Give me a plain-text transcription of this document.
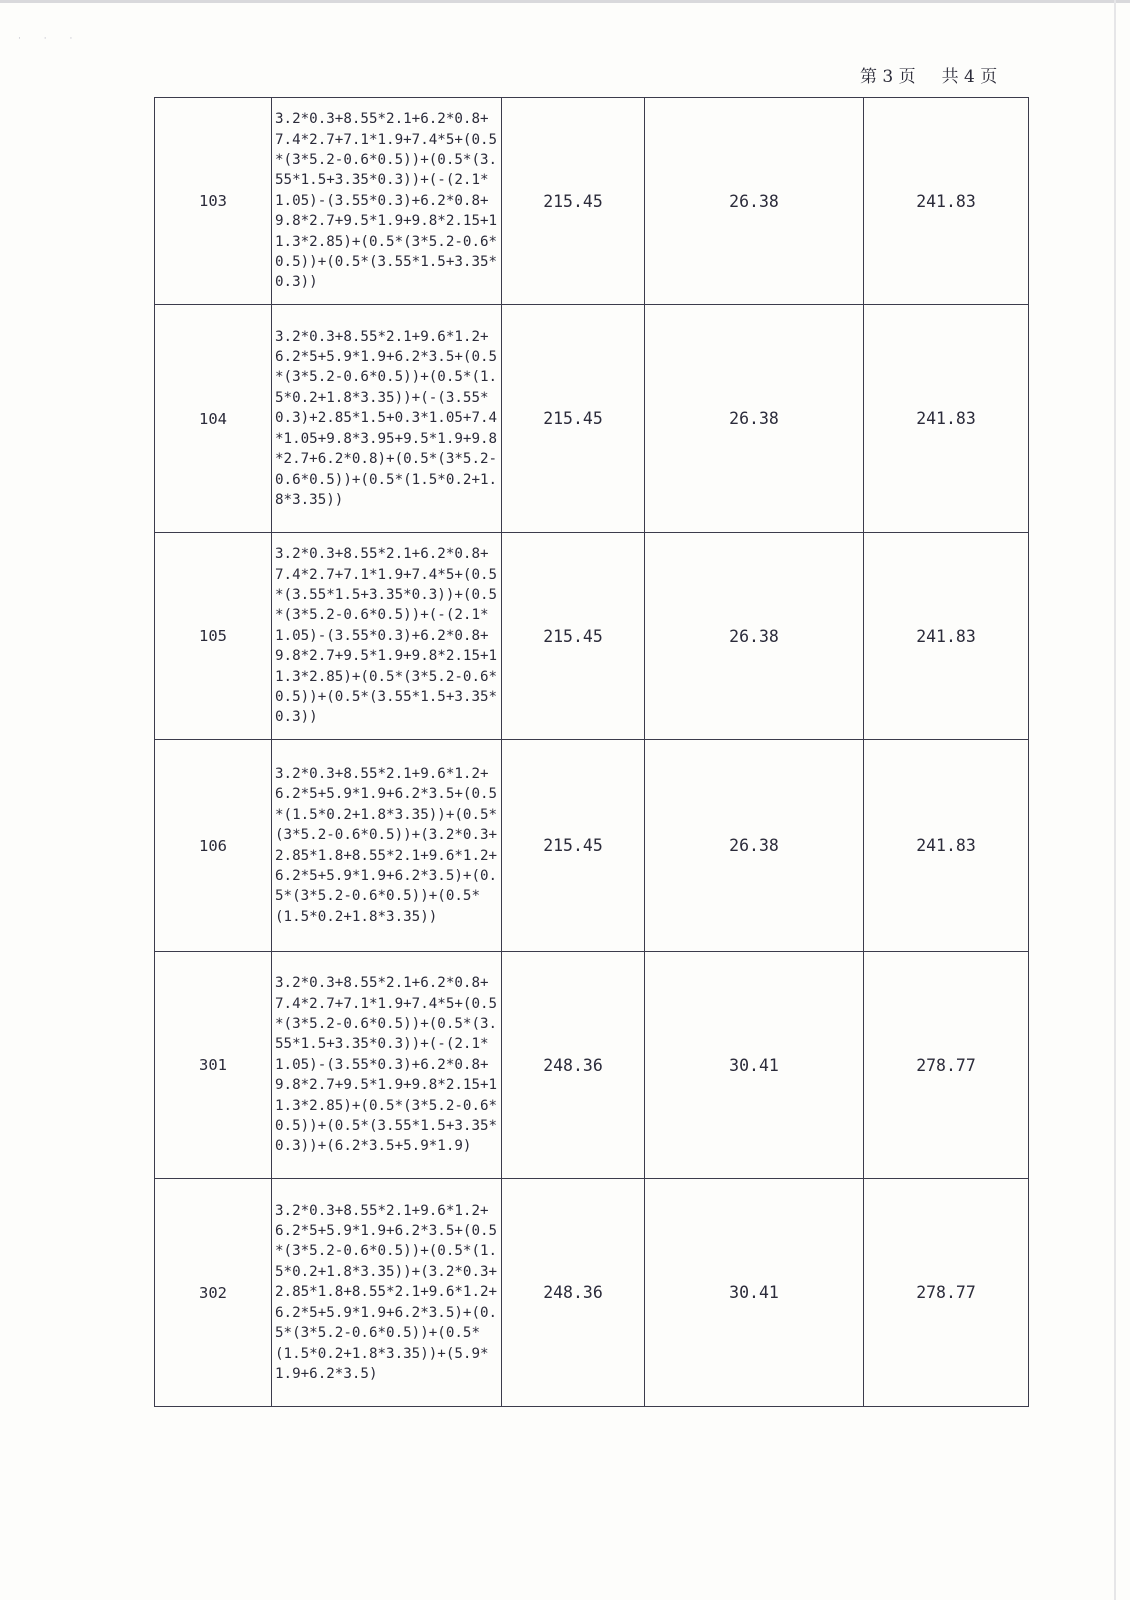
· · ·
第 3 页 共 4 页
103	3.2*0.3+8.55*2.1+6.2*0.8+7.4*2.7+7.1*1.9+7.4*5+(0.5*(3*5.2-0.6*0.5))+(0.5*(3.55*1.5+3.35*0.3))+(-(2.1*1.05)-(3.55*0.3)+6.2*0.8+9.8*2.7+9.5*1.9+9.8*2.15+11.3*2.85)+(0.5*(3*5.2-0.6*0.5))+(0.5*(3.55*1.5+3.35*0.3))	215.45	26.38	241.83
104	3.2*0.3+8.55*2.1+9.6*1.2+6.2*5+5.9*1.9+6.2*3.5+(0.5*(3*5.2-0.6*0.5))+(0.5*(1.5*0.2+1.8*3.35))+(-(3.55*0.3)+2.85*1.5+0.3*1.05+7.4*1.05+9.8*3.95+9.5*1.9+9.8*2.7+6.2*0.8)+(0.5*(3*5.2-0.6*0.5))+(0.5*(1.5*0.2+1.8*3.35))	215.45	26.38	241.83
105	3.2*0.3+8.55*2.1+6.2*0.8+7.4*2.7+7.1*1.9+7.4*5+(0.5*(3.55*1.5+3.35*0.3))+(0.5*(3*5.2-0.6*0.5))+(-(2.1*1.05)-(3.55*0.3)+6.2*0.8+9.8*2.7+9.5*1.9+9.8*2.15+11.3*2.85)+(0.5*(3*5.2-0.6*0.5))+(0.5*(3.55*1.5+3.35*0.3))	215.45	26.38	241.83
106	3.2*0.3+8.55*2.1+9.6*1.2+6.2*5+5.9*1.9+6.2*3.5+(0.5*(1.5*0.2+1.8*3.35))+(0.5*(3*5.2-0.6*0.5))+(3.2*0.3+2.85*1.8+8.55*2.1+9.6*1.2+6.2*5+5.9*1.9+6.2*3.5)+(0.5*(3*5.2-0.6*0.5))+(0.5*(1.5*0.2+1.8*3.35))	215.45	26.38	241.83
301	3.2*0.3+8.55*2.1+6.2*0.8+7.4*2.7+7.1*1.9+7.4*5+(0.5*(3*5.2-0.6*0.5))+(0.5*(3.55*1.5+3.35*0.3))+(-(2.1*1.05)-(3.55*0.3)+6.2*0.8+9.8*2.7+9.5*1.9+9.8*2.15+11.3*2.85)+(0.5*(3*5.2-0.6*0.5))+(0.5*(3.55*1.5+3.35*0.3))+(6.2*3.5+5.9*1.9)	248.36	30.41	278.77
302	3.2*0.3+8.55*2.1+9.6*1.2+6.2*5+5.9*1.9+6.2*3.5+(0.5*(3*5.2-0.6*0.5))+(0.5*(1.5*0.2+1.8*3.35))+(3.2*0.3+2.85*1.8+8.55*2.1+9.6*1.2+6.2*5+5.9*1.9+6.2*3.5)+(0.5*(3*5.2-0.6*0.5))+(0.5*(1.5*0.2+1.8*3.35))+(5.9*1.9+6.2*3.5)	248.36	30.41	278.77
